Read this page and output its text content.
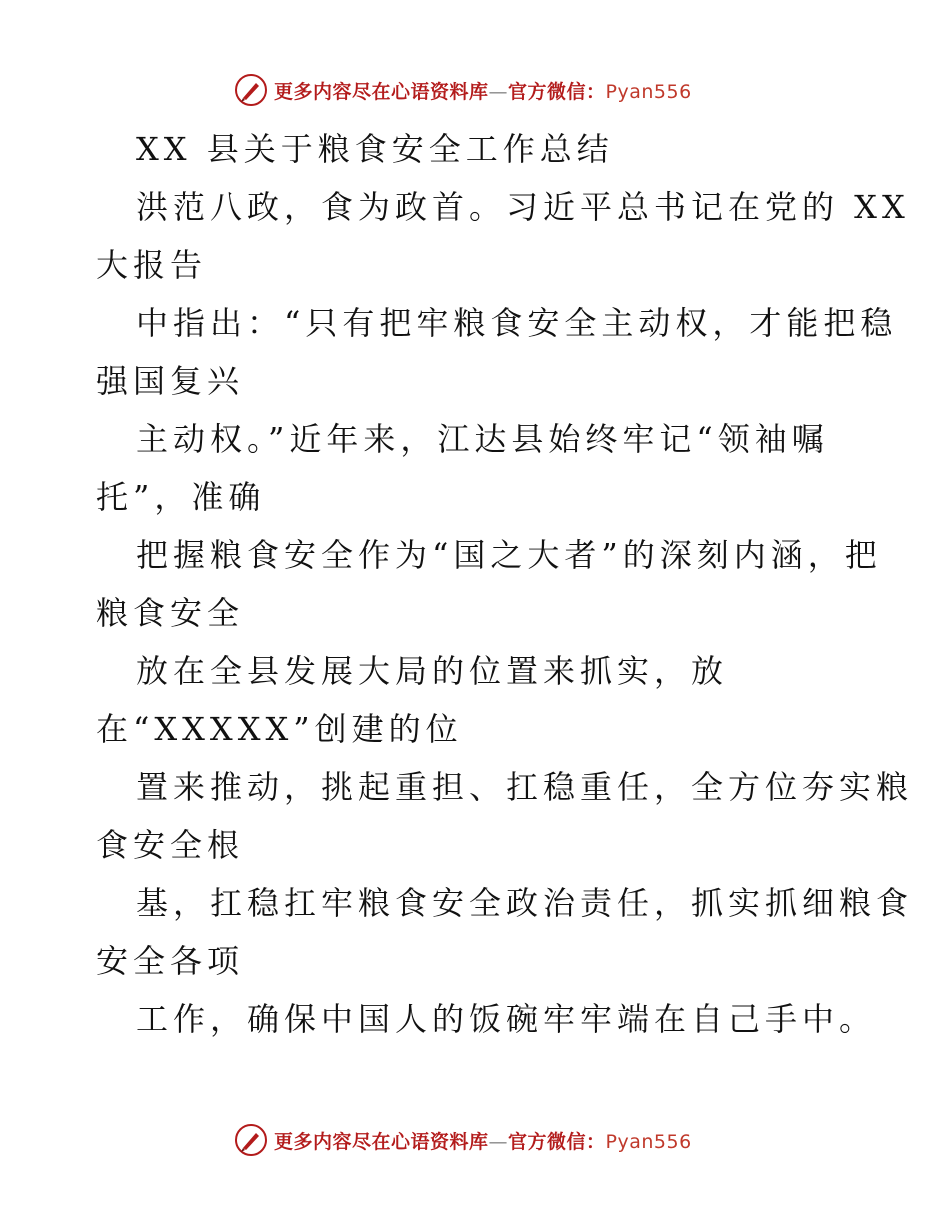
更多内容尽在心语资料库—官方微信：Pyan556
XX 县关于粮食安全工作总结
洪范八政，食为政首。习近平总书记在党的 XX
大报告
中指出：“只有把牢粮食安全主动权，才能把稳
强国复兴
主动权。”近年来，江达县始终牢记“领袖嘱
托”，准确
把握粮食安全作为“国之大者”的深刻内涵，把
粮食安全
放在全县发展大局的位置来抓实，放
在“XXXXX”创建的位
置来推动，挑起重担、扛稳重任，全方位夯实粮
食安全根
基，扛稳扛牢粮食安全政治责任，抓实抓细粮食
安全各项
工作，确保中国人的饭碗牢牢端在自己手中。
更多内容尽在心语资料库—官方微信：Pyan556
